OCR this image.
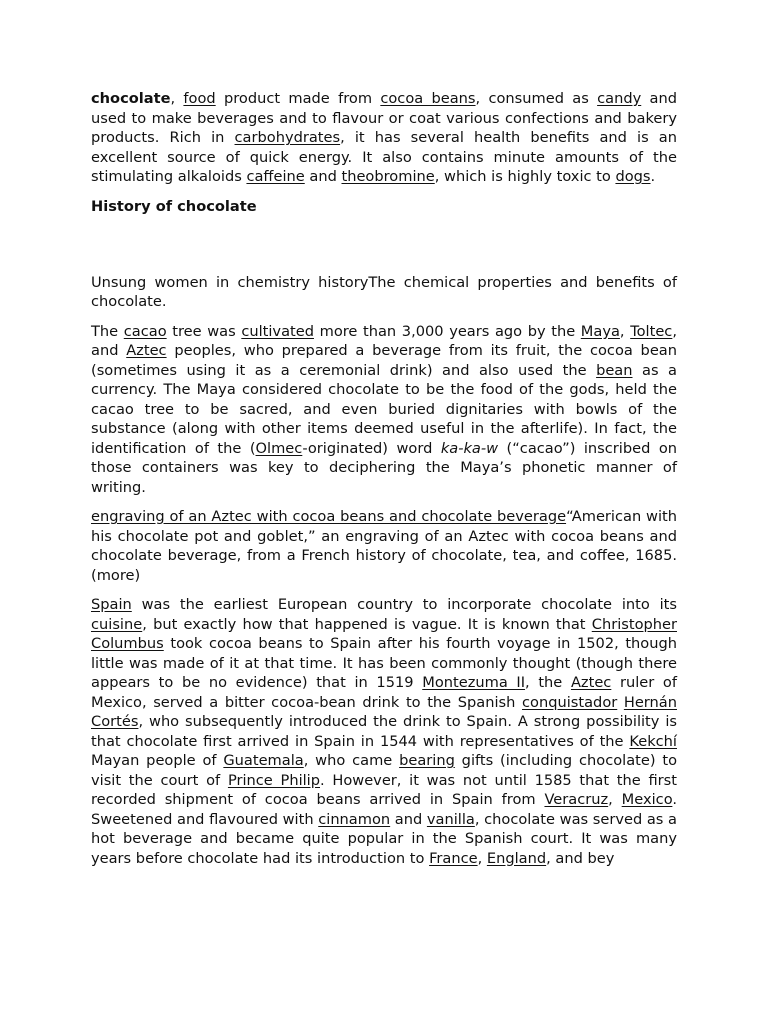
chocolate, food product made from cocoa beans, consumed as candy and used to make beverages and to flavour or coat various confections and bakery products. Rich in carbohydrates, it has several health benefits and is an excellent source of quick energy. It also contains minute amounts of the stimulating alkaloids caffeine and theobromine, which is highly toxic to dogs.

History of chocolate

Unsung women in chemistry historyThe chemical properties and benefits of chocolate.

The cacao tree was cultivated more than 3,000 years ago by the Maya, Toltec, and Aztec peoples, who prepared a beverage from its fruit, the cocoa bean (sometimes using it as a ceremonial drink) and also used the bean as a currency. The Maya considered chocolate to be the food of the gods, held the cacao tree to be sacred, and even buried dignitaries with bowls of the substance (along with other items deemed useful in the afterlife). In fact, the identification of the (Olmec-originated) word ka-ka-w (“cacao”) inscribed on those containers was key to deciphering the Maya’s phonetic manner of writing.

engraving of an Aztec with cocoa beans and chocolate beverage“American with his chocolate pot and goblet,” an engraving of an Aztec with cocoa beans and chocolate beverage, from a French history of chocolate, tea, and coffee, 1685.(more)

Spain was the earliest European country to incorporate chocolate into its cuisine, but exactly how that happened is vague. It is known that Christopher Columbus took cocoa beans to Spain after his fourth voyage in 1502, though little was made of it at that time. It has been commonly thought (though there appears to be no evidence) that in 1519 Montezuma II, the Aztec ruler of Mexico, served a bitter cocoa-bean drink to the Spanish conquistador Hernán Cortés, who subsequently introduced the drink to Spain. A strong possibility is that chocolate first arrived in Spain in 1544 with representatives of the Kekchí Mayan people of Guatemala, who came bearing gifts (including chocolate) to visit the court of Prince Philip. However, it was not until 1585 that the first recorded shipment of cocoa beans arrived in Spain from Veracruz, Mexico. Sweetened and flavoured with cinnamon and vanilla, chocolate was served as a hot beverage and became quite popular in the Spanish court. It was many years before chocolate had its introduction to France, England, and bey
